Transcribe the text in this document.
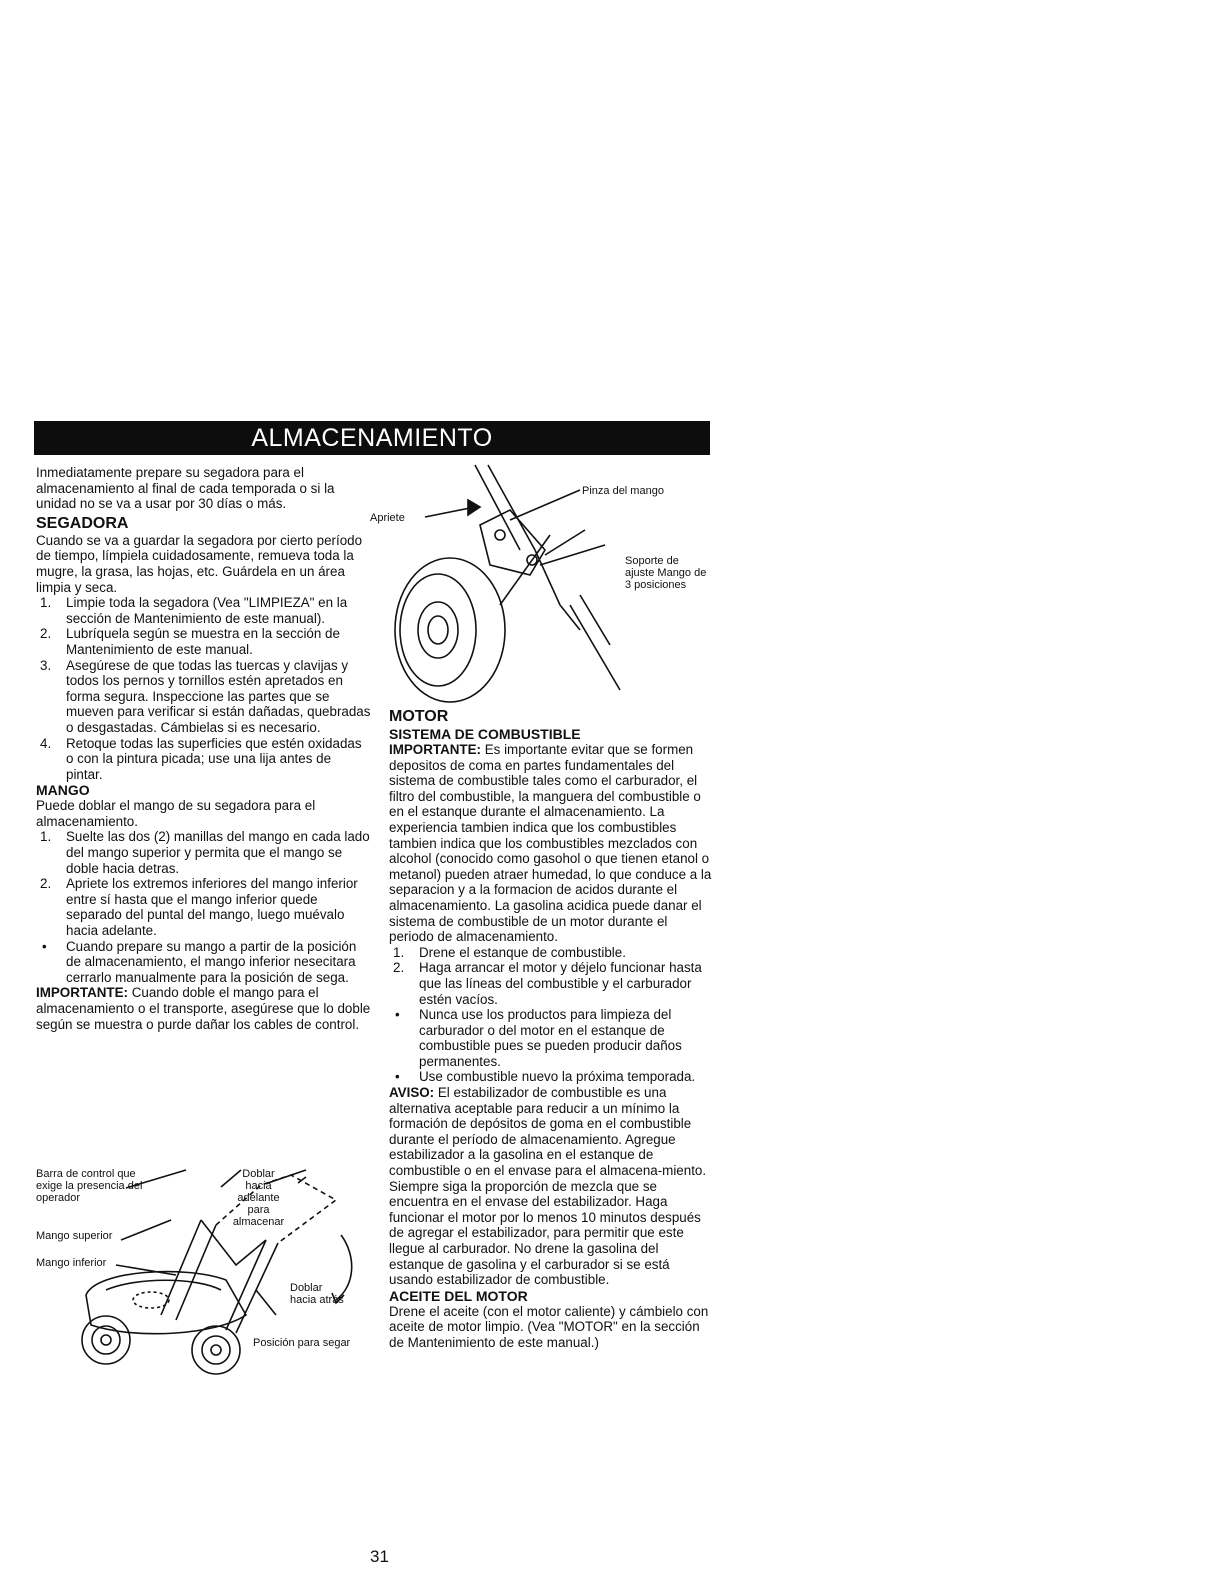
ALMACENAMIENTO

Inmediatamente prepare su segadora para el almacenamiento al final de cada temporada o si la unidad no se va a usar por 30 días o más.

SEGADORA

Cuando se va a guardar la segadora por cierto período de tiempo, límpiela cuidadosamente, remueva toda la mugre, la grasa, las hojas, etc. Guárdela en un área limpia y seca.

1. Limpie toda la segadora (Vea "LIMPIEZA" en la sección de Mantenimiento de este manual).
2. Lubríquela según se muestra en la sección de Mantenimiento de este manual.
3. Asegúrese de que todas las tuercas y clavijas y todos los pernos y tornillos estén apretados en forma segura. Inspeccione las partes que se mueven para verificar si están dañadas, quebradas o desgastadas. Cámbielas si es necesario.
4. Retoque todas las superficies que estén oxidadas o con la pintura picada; use una lija antes de pintar.

MANGO

Puede doblar el mango de su segadora para el almacenamiento.

1. Suelte las dos (2) manillas del mango en cada lado del mango superior y permita que el mango se doble hacia detras.
2. Apriete los extremos inferiores del mango inferior entre sí hasta que el mango inferior quede separado del puntal del mango, luego muévalo hacia adelante.
• Cuando prepare su mango a partir de la posición de almacenamiento, el mango inferior nesecitara cerrarlo manualmente para la posición de sega.

IMPORTANTE: Cuando doble el mango para el almacenamiento o el transporte, asegúrese que lo doble según se muestra o purde dañar los cables de control.

Barra de control que exige la presencia del operador
Mango superior
Mango inferior
Doblar hacia adelante para almacenar
Doblar hacia atrás
Posición para segar
Apriete
Pinza del mango
Soporte de ajuste Mango de 3 posiciones

MOTOR

SISTEMA DE COMBUSTIBLE

IMPORTANTE: Es importante evitar que se formen depositos de coma en partes fundamentales del sistema de combustible tales como el carburador, el filtro del combustible, la manguera del combustible o en el estanque durante el almacenamiento. La experiencia tambien indica que los combustibles tambien indica que los combustibles mezclados con alcohol (conocido como gasohol o que tienen etanol o metanol) pueden atraer humedad, lo que conduce a la separacion y a la formacion de acidos durante el almacenamiento. La gasolina acidica puede danar el sistema de combustible de un motor durante el periodo de almacenamiento.

1. Drene el estanque de combustible.
2. Haga arrancar el motor y déjelo funcionar hasta que las líneas del combustible y el carburador estén vacíos.
• Nunca use los productos para limpieza del carburador o del motor en el estanque de combustible pues se pueden producir daños permanentes.
• Use combustible nuevo la próxima temporada.

AVISO: El estabilizador de combustible es una alternativa aceptable para reducir a un mínimo la formación de depósitos de goma en el combustible durante el período de almacenamiento. Agregue estabilizador a la gasolina en el estanque de combustible o en el envase para el almacena-miento. Siempre siga la proporción de mezcla que se encuentra en el envase del estabilizador. Haga funcionar el motor por lo menos 10 minutos después de agregar el estabilizador, para permitir que este llegue al carburador. No drene la gasolina del estanque de gasolina y el carburador si se está usando estabilizador de combustible.

ACEITE DEL MOTOR

Drene el aceite (con el motor caliente) y cámbielo con aceite de motor limpio. (Vea "MOTOR" en la sección de Mantenimiento de este manual.)

31
